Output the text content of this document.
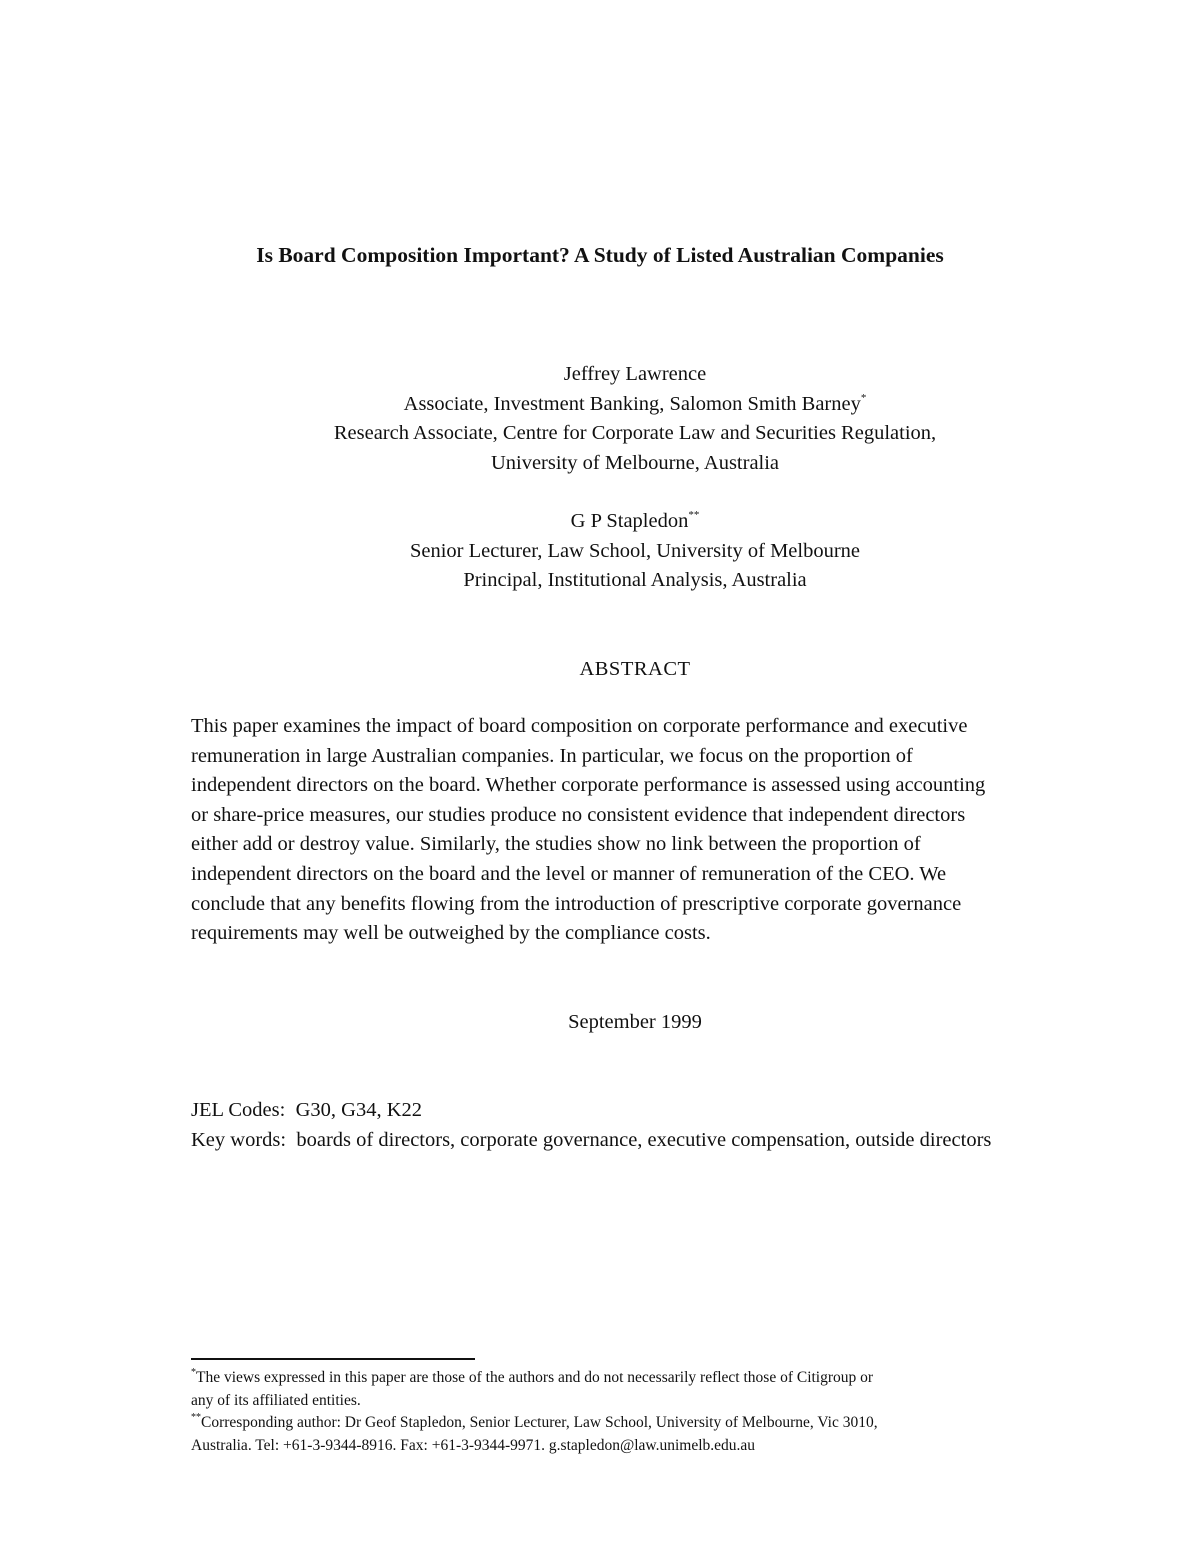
Is Board Composition Important? A Study of Listed Australian Companies
Jeffrey Lawrence
Associate, Investment Banking, Salomon Smith Barney*
Research Associate, Centre for Corporate Law and Securities Regulation,
University of Melbourne, Australia
G P Stapledon**
Senior Lecturer, Law School, University of Melbourne
Principal, Institutional Analysis, Australia
ABSTRACT
This paper examines the impact of board composition on corporate performance and executive
remuneration in large Australian companies. In particular, we focus on the proportion of
independent directors on the board. Whether corporate performance is assessed using accounting
or share-price measures, our studies produce no consistent evidence that independent directors
either add or destroy value. Similarly, the studies show no link between the proportion of
independent directors on the board and the level or manner of remuneration of the CEO. We
conclude that any benefits flowing from the introduction of prescriptive corporate governance
requirements may well be outweighed by the compliance costs.
September 1999
JEL Codes: G30, G34, K22
Key words: boards of directors, corporate governance, executive compensation, outside directors
*The views expressed in this paper are those of the authors and do not necessarily reflect those of Citigroup or
any of its affiliated entities.
**Corresponding author: Dr Geof Stapledon, Senior Lecturer, Law School, University of Melbourne, Vic 3010,
Australia. Tel: +61-3-9344-8916. Fax: +61-3-9344-9971. g.stapledon@law.unimelb.edu.au
